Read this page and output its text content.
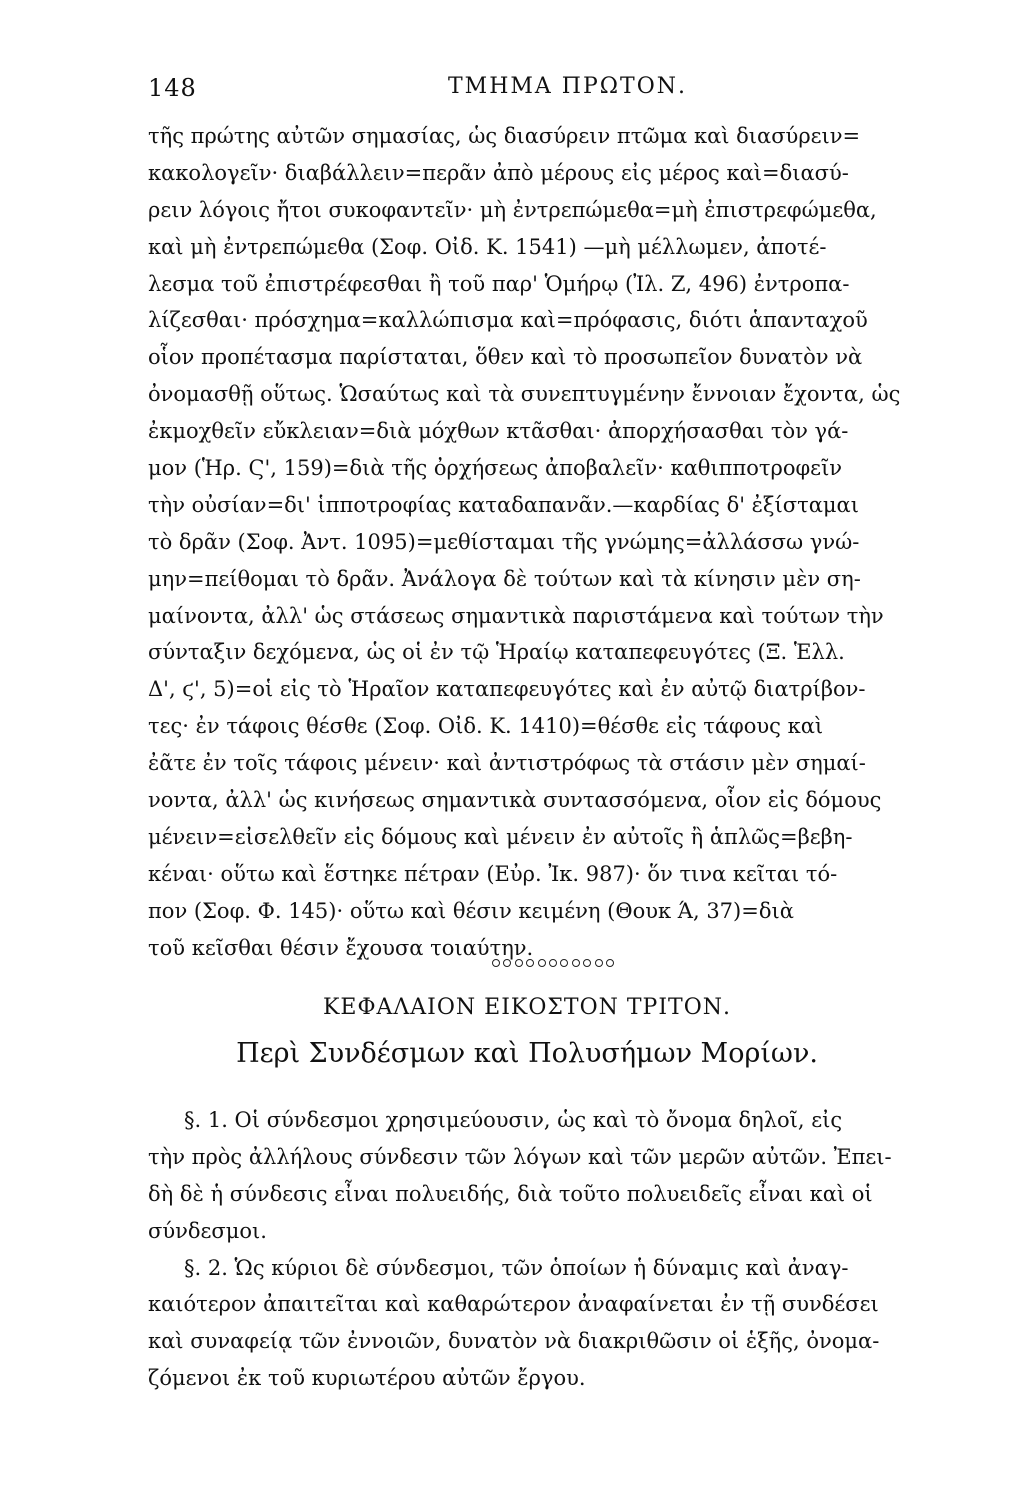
148	ΤΜΗΜΑ ΠΡΩΤΟΝ.
τῆς πρώτης αὐτῶν σημασίας, ὡς διασύρειν πτῶμα καὶ διασύρειν=
κακολογεῖν· διαβάλλειν=περᾶν ἀπὸ μέρους εἰς μέρος καὶ=διασύ-
ρειν λόγοις ἤτοι συκοφαντεῖν· μὴ ἐντρεπώμεθα=μὴ ἐπιστρεφώμεθα,
καὶ μὴ ἐντρεπώμεθα (Σοφ. Οἰδ. Κ. 1541) —μὴ μέλλωμεν, ἀποτέ-
λεσμα τοῦ ἐπιστρέφεσθαι ἢ τοῦ παρ' Ὁμήρῳ (Ἰλ. Ζ, 496) ἐντροπα-
λίζεσθαι· πρόσχημα=καλλώπισμα καὶ=πρόφασις, διότι ἁπανταχοῦ
οἷον προπέτασμα παρίσταται, ὅθεν καὶ τὸ προσωπεῖον δυνατὸν νὰ
ὀνομασθῇ οὕτως. Ὡσαύτως καὶ τὰ συνεπτυγμένην ἔννοιαν ἔχοντα, ὡς
ἐκμοχθεῖν εὔκλειαν=διὰ μόχθων κτᾶσθαι· ἀπορχήσασθαι τὸν γά-
μον (Ἡρ. Ϛ', 159)=διὰ τῆς ὀρχήσεως ἀποβαλεῖν· καθιπποτροφεῖν
τὴν οὐσίαν=δι' ἱπποτροφίας καταδαπανᾶν.—καρδίας δ' ἐξίσταμαι
τὸ δρᾶν (Σοφ. Ἀντ. 1095)=μεθίσταμαι τῆς γνώμης=ἀλλάσσω γνώ-
μην=πείθομαι τὸ δρᾶν. Ἀνάλογα δὲ τούτων καὶ τὰ κίνησιν μὲν ση-
μαίνοντα, ἀλλ' ὡς στάσεως σημαντικὰ παριστάμενα καὶ τούτων τὴν
σύνταξιν δεχόμενα, ὡς οἱ ἐν τῷ Ἡραίῳ καταπεφευγότες (Ξ. Ἑλλ.
Δ', ϛ', 5)=οἱ εἰς τὸ Ἡραῖον καταπεφευγότες καὶ ἐν αὐτῷ διατρίβον-
τες· ἐν τάφοις θέσθε (Σοφ. Οἰδ. Κ. 1410)=θέσθε εἰς τάφους καὶ
ἐᾶτε ἐν τοῖς τάφοις μένειν· καὶ ἀντιστρόφως τὰ στάσιν μὲν σημαί-
νοντα, ἀλλ' ὡς κινήσεως σημαντικὰ συντασσόμενα, οἷον εἰς δόμους
μένειν=εἰσελθεῖν εἰς δόμους καὶ μένειν ἐν αὐτοῖς ἢ ἁπλῶς=βεβη-
κέναι· οὕτω καὶ ἕστηκε πέτραν (Εὐρ. Ἰκ. 987)· ὅν τινα κεῖται τό-
πον (Σοφ. Φ. 145)· οὕτω καὶ θέσιν κειμένη (Θουκ Ά, 37)=διὰ
τοῦ κεῖσθαι θέσιν ἔχουσα τοιαύτην.
ΚΕΦΑΛΑΙΟΝ ΕΙΚΟΣΤΟΝ ΤΡΙΤΟΝ.
Περὶ Συνδέσμων καὶ Πολυσήμων Μορίων.
§. 1. Οἱ σύνδεσμοι χρησιμεύουσιν, ὡς καὶ τὸ ὄνομα δηλοῖ, εἰς
τὴν πρὸς ἀλλήλους σύνδεσιν τῶν λόγων καὶ τῶν μερῶν αὐτῶν. Ἐπει-
δὴ δὲ ἡ σύνδεσις εἶναι πολυειδής, διὰ τοῦτο πολυειδεῖς εἶναι καὶ οἱ
σύνδεσμοι.
§. 2. Ὡς κύριοι δὲ σύνδεσμοι, τῶν ὁποίων ἡ δύναμις καὶ ἀναγ-
καιότερον ἀπαιτεῖται καὶ καθαρώτερον ἀναφαίνεται ἐν τῇ συνδέσει
καὶ συναφείᾳ τῶν ἐννοιῶν, δυνατὸν νὰ διακριθῶσιν οἱ ἑξῆς, ὀνομα-
ζόμενοι ἐκ τοῦ κυριωτέρου αὐτῶν ἔργου.
